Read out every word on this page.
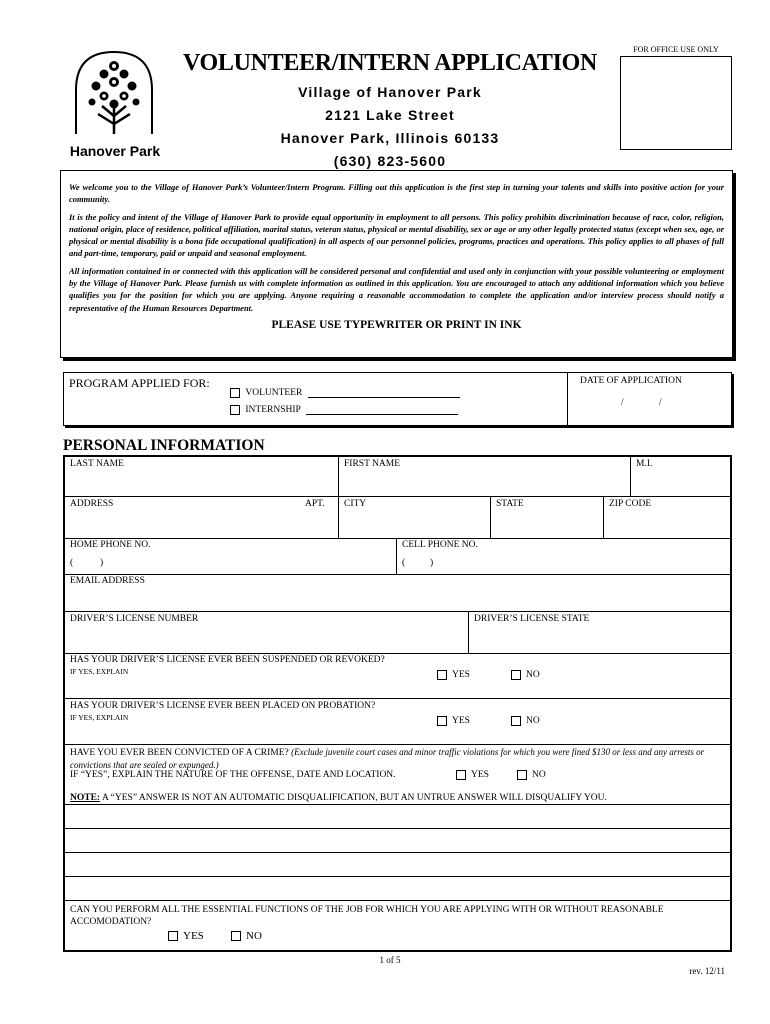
Hanover Park
VOLUNTEER/INTERN APPLICATION
Village of Hanover Park
2121 Lake Street
Hanover Park, Illinois 60133
(630) 823-5600
FOR OFFICE USE ONLY

We welcome you to the Village of Hanover Park’s Volunteer/Intern Program. Filling out this application is the first step in turning your talents and skills into positive action for your community.

It is the policy and intent of the Village of Hanover Park to provide equal opportunity in employment to all persons. This policy prohibits discrimination because of race, color, religion, national origin, place of residence, political affiliation, marital status, veteran status, physical or mental disability, sex or age or any other legally protected status (except when sex, age, or physical or mental disability is a bona fide occupational qualification) in all aspects of our personnel policies, programs, practices and operations. This policy applies to all phases of full and part-time, temporary, paid or unpaid and seasonal employment.

All information contained in or connected with this application will be considered personal and confidential and used only in conjunction with your possible volunteering or employment by the Village of Hanover Park. Please furnish us with complete information as outlined in this application. You are encouraged to attach any additional information which you believe qualifies you for the position for which you are applying. Anyone requiring a reasonable accommodation to complete the application and/or interview process should notify a representative of the Human Resources Department.

PLEASE USE TYPEWRITER OR PRINT IN INK
PROGRAM APPLIED FOR:
VOLUNTEER
INTERNSHIP
DATE OF APPLICATION
/	/
PERSONAL INFORMATION
LAST NAME	FIRST NAME	M.I.
ADDRESS	APT. CITY	STATE	ZIP CODE
HOME PHONE NO.
(	)
CELL PHONE NO.
(	)
EMAIL ADDRESS
DRIVER’S LICENSE NUMBER	DRIVER’S LICENSE STATE
HAS YOUR DRIVER’S LICENSE EVER BEEN SUSPENDED OR REVOKED?
IF YES, EXPLAIN	YES	NO
HAS YOUR DRIVER’S LICENSE EVER BEEN PLACED ON PROBATION?
IF YES, EXPLAIN	YES	NO
HAVE YOU EVER BEEN CONVICTED OF A CRIME? (Exclude juvenile court cases and minor traffic violations for which you were fined $130 or less and any arrests or convictions that are sealed or expunged.)
IF “YES”, EXPLAIN THE NATURE OF THE OFFENSE, DATE AND LOCATION.	YES	NO
NOTE: A “YES” ANSWER IS NOT AN AUTOMATIC DISQUALIFICATION, BUT AN UNTRUE ANSWER WILL DISQUALIFY YOU.
CAN YOU PERFORM ALL THE ESSENTIAL FUNCTIONS OF THE JOB FOR WHICH YOU ARE APPLYING WITH OR WITHOUT REASONABLE ACCOMODATION?
YES	NO
1 of 5
rev. 12/11
